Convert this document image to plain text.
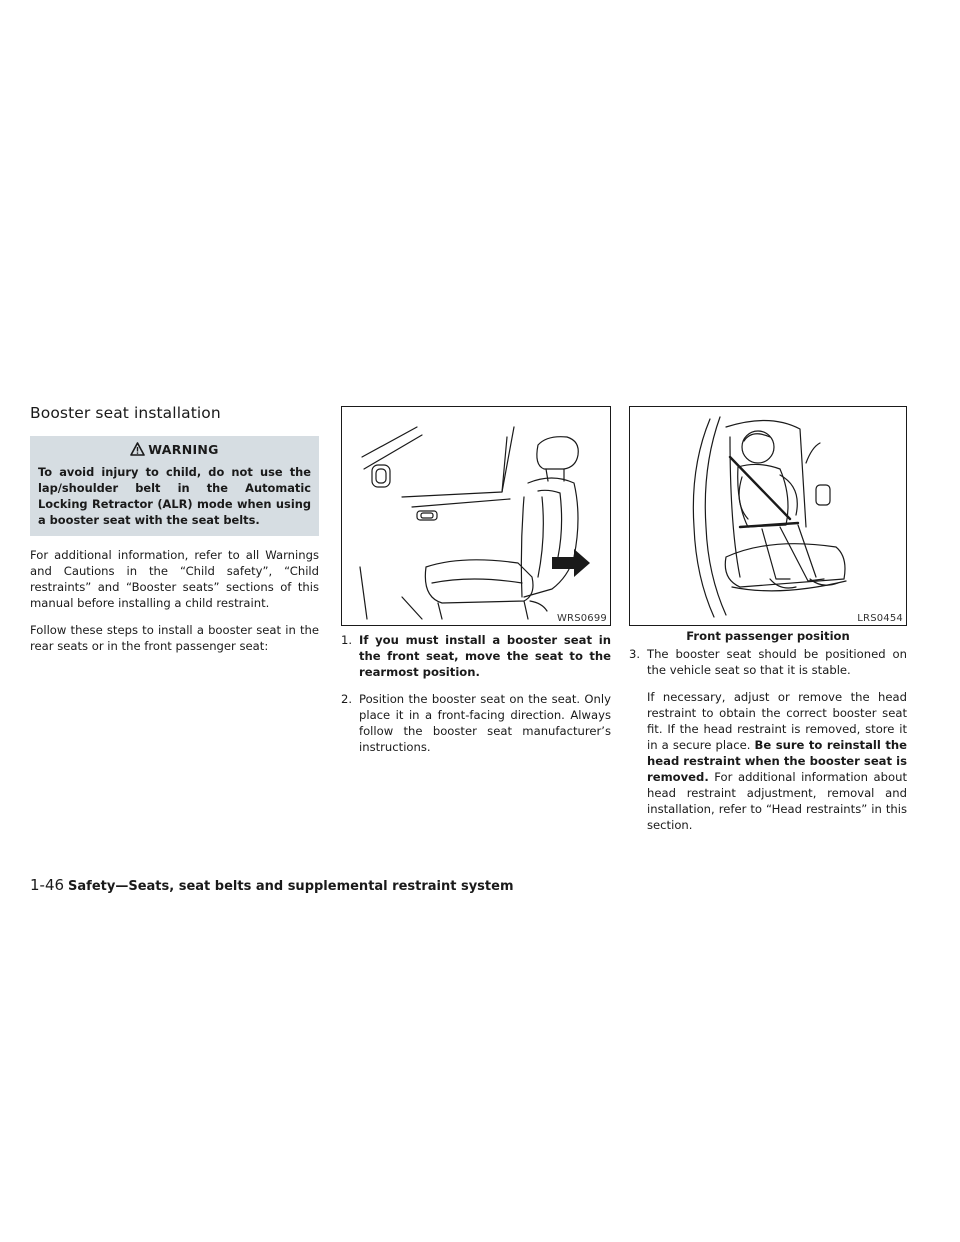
Booster seat installation
WARNING
To avoid injury to child, do not use the lap/shoulder belt in the Automatic Locking Retractor (ALR) mode when using a booster seat with the seat belts.

For additional information, refer to all Warnings and Cautions in the “Child safety”, “Child restraints” and “Booster seats” sections of this manual before installing a child restraint.

Follow these steps to install a booster seat in the rear seats or in the front passenger seat:

WRS0699
1. If you must install a booster seat in the front seat, move the seat to the rearmost position.
2. Position the booster seat on the seat. Only place it in a front-facing direction. Always follow the booster seat manufacturer’s instructions.
LRS0454
Front passenger position
3. The booster seat should be positioned on the vehicle seat so that it is stable.
If necessary, adjust or remove the head restraint to obtain the correct booster seat fit. If the head restraint is removed, store it in a secure place. Be sure to reinstall the head restraint when the booster seat is removed. For additional information about head restraint adjustment, removal and installation, refer to “Head restraints” in this section.
1-46 Safety—Seats, seat belts and supplemental restraint system
